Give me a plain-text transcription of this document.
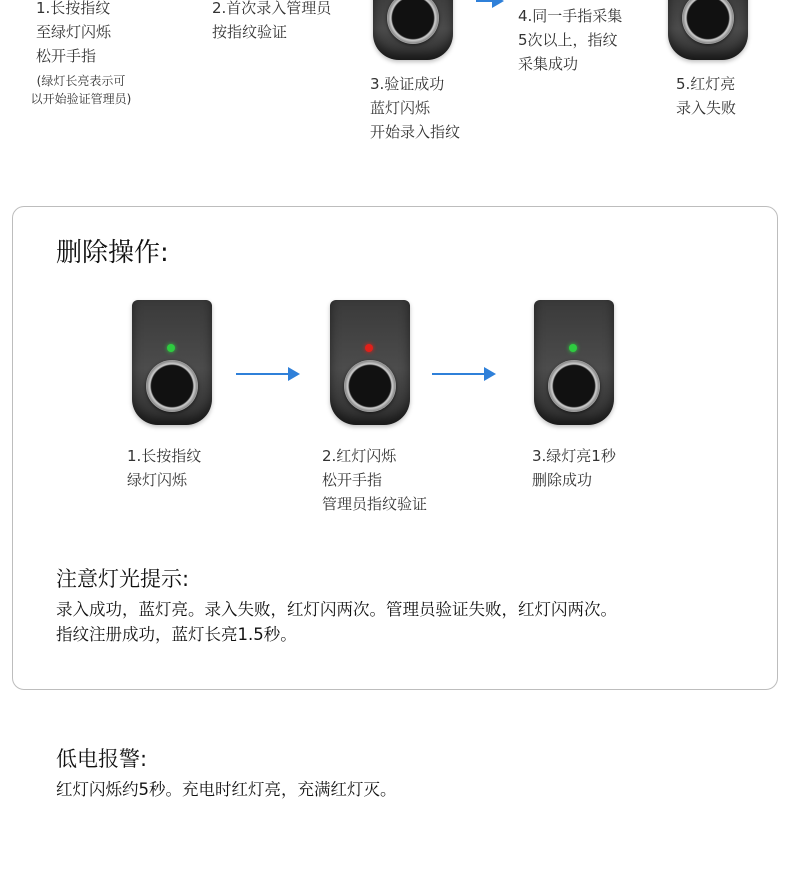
1.长按指纹
至绿灯闪烁
松开手指
(绿灯长亮表示可
以开始验证管理员)
2.首次录入管理员
按指纹验证
3.验证成功
蓝灯闪烁
开始录入指纹
4.同一手指采集
5次以上，指纹
采集成功
5.红灯亮
录入失败
删除操作:
1.长按指纹
绿灯闪烁
2.红灯闪烁
松开手指
管理员指纹验证
3.绿灯亮1秒
删除成功
注意灯光提示:
录入成功，蓝灯亮。录入失败，红灯闪两次。管理员验证失败，红灯闪两次。
指纹注册成功，蓝灯长亮1.5秒。
低电报警:
红灯闪烁约5秒。充电时红灯亮，充满红灯灭。
